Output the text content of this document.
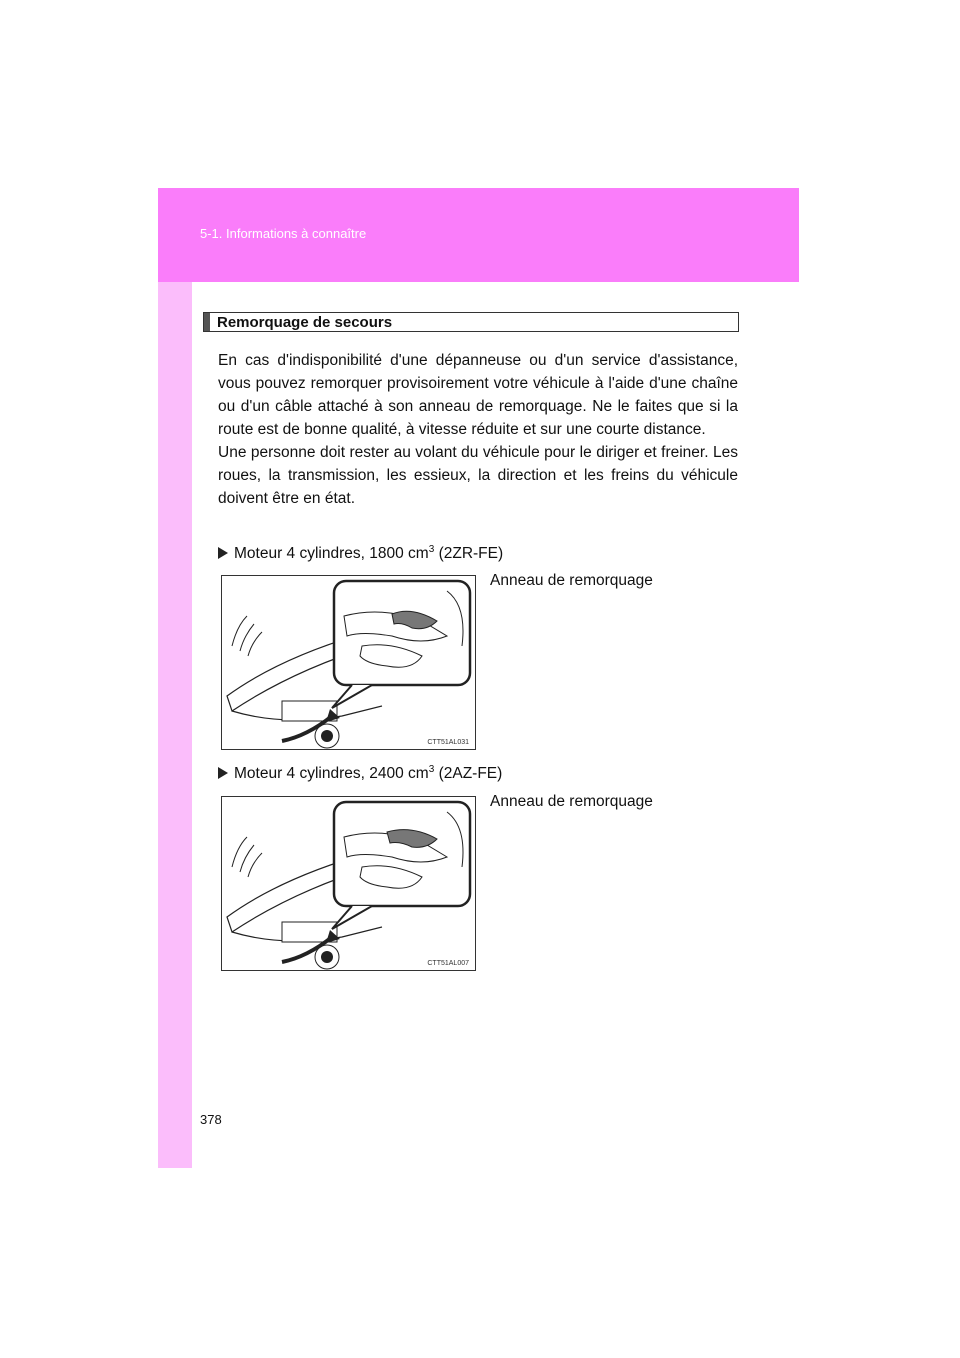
5-1. Informations à connaître
Remorquage de secours

En cas d'indisponibilité d'une dépanneuse ou d'un service d'assistance, vous pouvez remorquer provisoirement votre véhicule à l'aide d'une chaîne ou d'un câble attaché à son anneau de remorquage. Ne le faites que si la route est de bonne qualité, à vitesse réduite et sur une courte distance.

Une personne doit rester au volant du véhicule pour le diriger et freiner. Les roues, la transmission, les essieux, la direction et les freins du véhicule doivent être en état.

Moteur 4 cylindres, 1800 $cm^3$ (2ZR-FE)
CTT51AL031
Anneau de remorquage
Moteur 4 cylindres, 2400 $cm^3$ (2AZ-FE)
CTT51AL007
Anneau de remorquage
378
